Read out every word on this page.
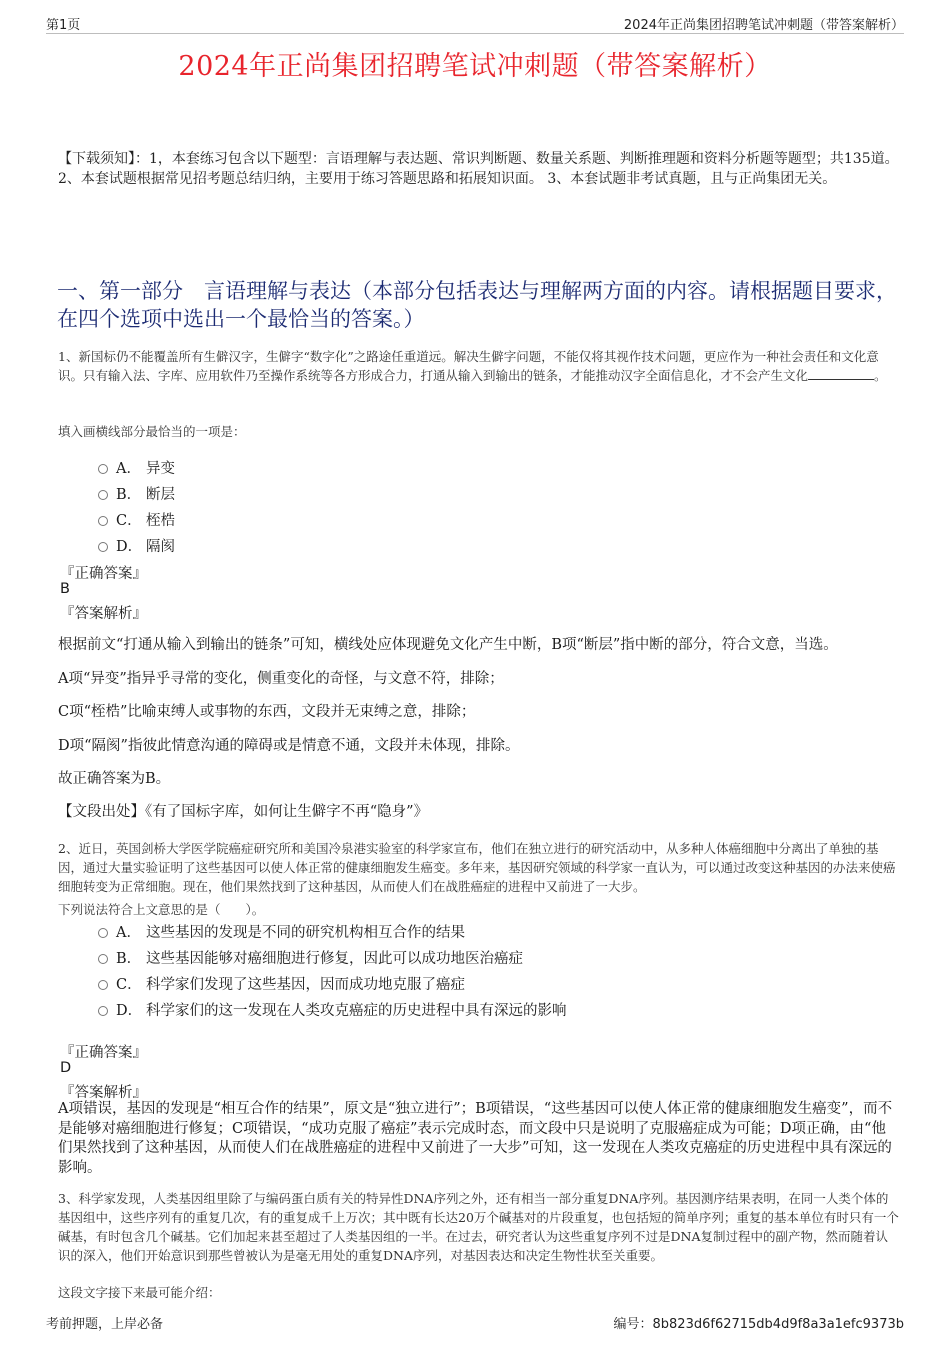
第1页	2024年正尚集团招聘笔试冲刺题（带答案解析）
2024年正尚集团招聘笔试冲刺题（带答案解析）
【下载须知】：1，本套练习包含以下题型：言语理解与表达题、常识判断题、数量关系题、判断推理题和资料分析题等题型；共135道。 2、本套试题根据常见招考题总结归纳，主要用于练习答题思路和拓展知识面。 3、本套试题非考试真题，且与正尚集团无关。
一、第一部分　言语理解与表达（本部分包括表达与理解两方面的内容。请根据题目要求，在四个选项中选出一个最恰当的答案。）
1、新国标仍不能覆盖所有生僻汉字，生僻字“数字化”之路途任重道远。解决生僻字问题，不能仅将其视作技术问题，更应作为一种社会责任和文化意识。只有输入法、字库、应用软件乃至操作系统等各方形成合力，打通从输入到输出的链条，才能推动汉字全面信息化，才不会产生文化	。
填入画横线部分最恰当的一项是：
A． 异变
B． 断层
C． 桎梏
D． 隔阂
『正确答案』
B
『答案解析』
根据前文“打通从输入到输出的链条”可知，横线处应体现避免文化产生中断，B项“断层”指中断的部分，符合文意，当选。
A项“异变”指异乎寻常的变化，侧重变化的奇怪，与文意不符，排除；
C项“桎梏”比喻束缚人或事物的东西，文段并无束缚之意，排除；
D项“隔阂”指彼此情意沟通的障碍或是情意不通，文段并未体现，排除。
故正确答案为B。
【文段出处】《有了国标字库，如何让生僻字不再“隐身”》
2、近日，英国剑桥大学医学院癌症研究所和美国冷泉港实验室的科学家宣布，他们在独立进行的研究活动中，从多种人体癌细胞中分离出了单独的基因，通过大量实验证明了这些基因可以使人体正常的健康细胞发生癌变。多年来，基因研究领域的科学家一直认为，可以通过改变这种基因的办法来使癌细胞转变为正常细胞。现在，他们果然找到了这种基因，从而使人们在战胜癌症的进程中又前进了一大步。
下列说法符合上文意思的是（　　）。
A． 这些基因的发现是不同的研究机构相互合作的结果
B． 这些基因能够对癌细胞进行修复，因此可以成功地医治癌症
C． 科学家们发现了这些基因，因而成功地克服了癌症
D． 科学家们的这一发现在人类攻克癌症的历史进程中具有深远的影响
『正确答案』
D
『答案解析』
A项错误，基因的发现是“相互合作的结果”，原文是“独立进行”；B项错误，“这些基因可以使人体正常的健康细胞发生癌变”，而不是能够对癌细胞进行修复；C项错误，“成功克服了癌症”表示完成时态，而文段中只是说明了克服癌症成为可能；D项正确，由“他们果然找到了这种基因，从而使人们在战胜癌症的进程中又前进了一大步”可知，这一发现在人类攻克癌症的历史进程中具有深远的影响。
3、科学家发现，人类基因组里除了与编码蛋白质有关的特异性DNA序列之外，还有相当一部分重复DNA序列。基因测序结果表明，在同一人类个体的基因组中，这些序列有的重复几次，有的重复成千上万次；其中既有长达20万个碱基对的片段重复，也包括短的简单序列；重复的基本单位有时只有一个碱基，有时包含几个碱基。它们加起来甚至超过了人类基因组的一半。在过去，研究者认为这些重复序列不过是DNA复制过程中的副产物，然而随着认识的深入，他们开始意识到那些曾被认为是毫无用处的重复DNA序列，对基因表达和决定生物性状至关重要。
这段文字接下来最可能介绍：
考前押题，上岸必备	编号：8b823d6f62715db4d9f8a3a1efc9373b
